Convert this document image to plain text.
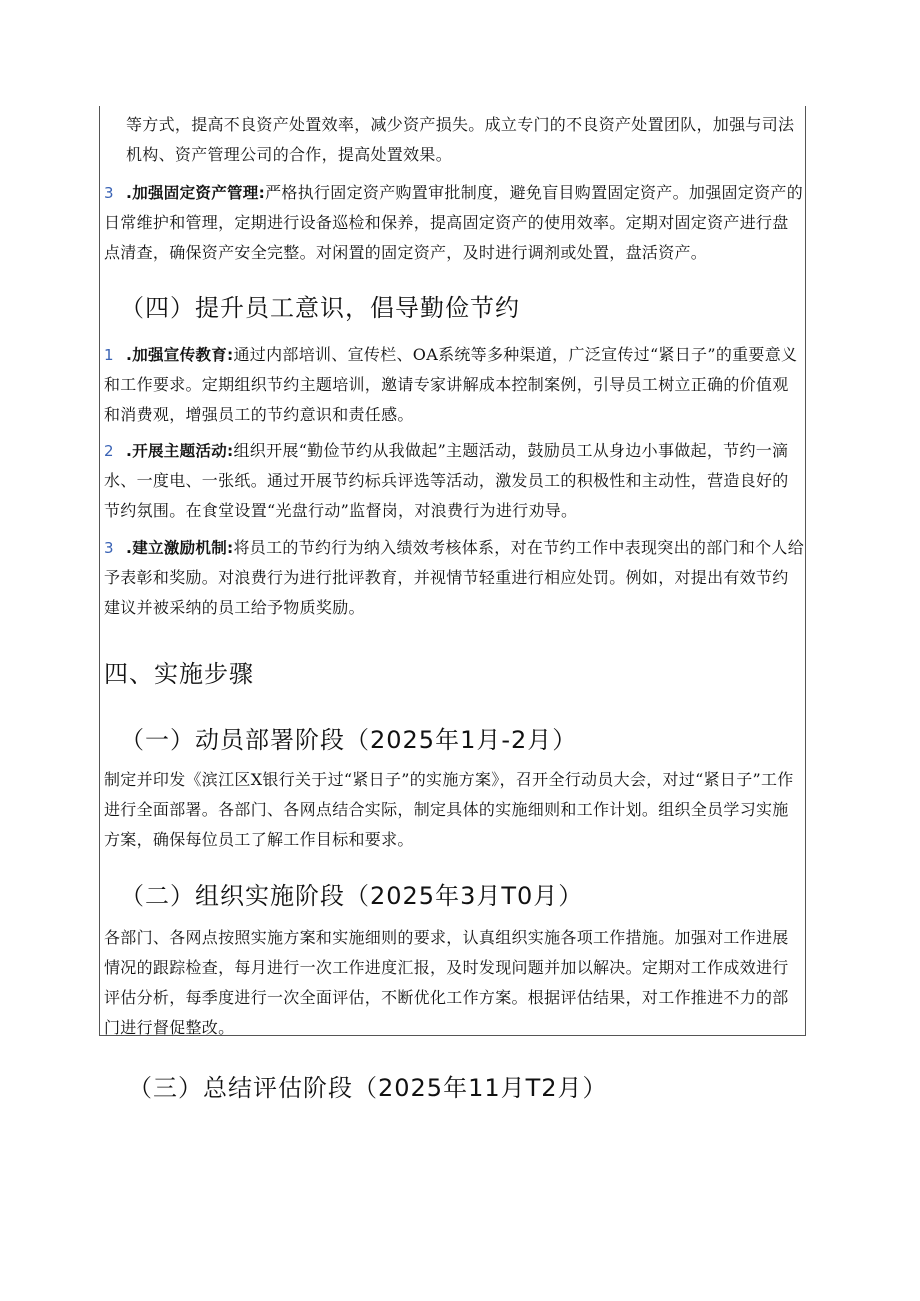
等方式，提高不良资产处置效率，减少资产损失。成立专门的不良资产处置团队，加强与司法机构、资产管理公司的合作，提高处置效果。
3 .加强固定资产管理:严格执行固定资产购置审批制度，避免盲目购置固定资产。加强固定资产的日常维护和管理，定期进行设备巡检和保养，提高固定资产的使用效率。定期对固定资产进行盘点清查，确保资产安全完整。对闲置的固定资产，及时进行调剂或处置，盘活资产。
（四）提升员工意识，倡导勤俭节约
1 .加强宣传教育:通过内部培训、宣传栏、OA系统等多种渠道，广泛宣传过“紧日子”的重要意义和工作要求。定期组织节约主题培训，邀请专家讲解成本控制案例，引导员工树立正确的价值观和消费观，增强员工的节约意识和责任感。
2 .开展主题活动:组织开展“勤俭节约从我做起”主题活动，鼓励员工从身边小事做起，节约一滴水、一度电、一张纸。通过开展节约标兵评选等活动，激发员工的积极性和主动性，营造良好的节约氛围。在食堂设置“光盘行动”监督岗，对浪费行为进行劝导。
3 .建立激励机制:将员工的节约行为纳入绩效考核体系，对在节约工作中表现突出的部门和个人给予表彰和奖励。对浪费行为进行批评教育，并视情节轻重进行相应处罚。例如，对提出有效节约建议并被采纳的员工给予物质奖励。
四、实施步骤
（一）动员部署阶段（2025年1月-2月）
制定并印发《滨江区X银行关于过“紧日子”的实施方案》，召开全行动员大会，对过“紧日子”工作进行全面部署。各部门、各网点结合实际，制定具体的实施细则和工作计划。组织全员学习实施方案，确保每位员工了解工作目标和要求。
（二）组织实施阶段（2025年3月T0月）
各部门、各网点按照实施方案和实施细则的要求，认真组织实施各项工作措施。加强对工作进展情况的跟踪检查，每月进行一次工作进度汇报，及时发现问题并加以解决。定期对工作成效进行评估分析，每季度进行一次全面评估，不断优化工作方案。根据评估结果，对工作推进不力的部门进行督促整改。
（三）总结评估阶段（2025年11月T2月）
